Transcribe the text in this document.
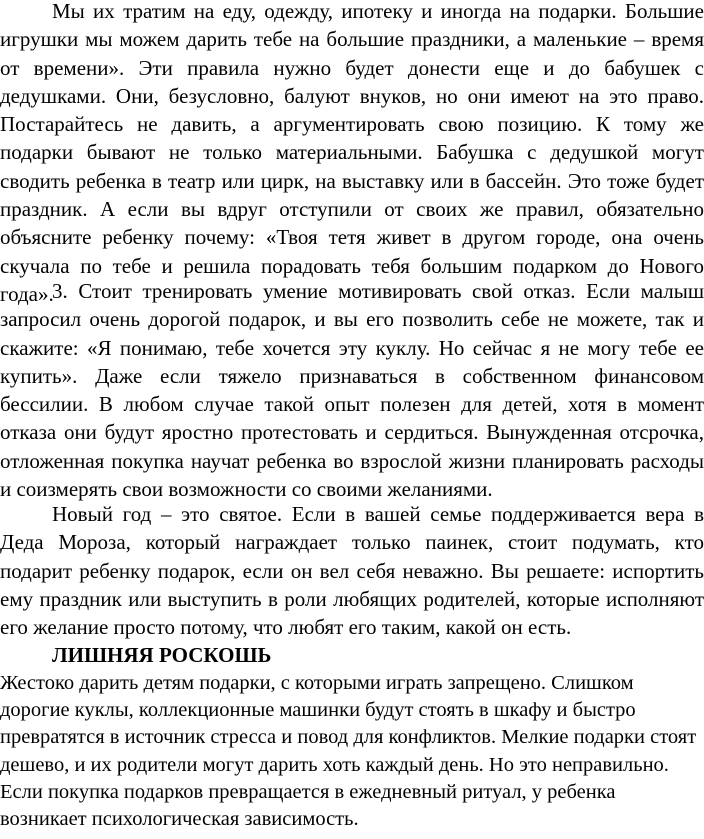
Мы их тратим на еду, одежду, ипотеку и иногда на подарки. Большие игрушки мы можем дарить тебе на большие праздники, а маленькие – время от времени». Эти правила нужно будет донести еще и до бабушек с дедушками. Они, безусловно, балуют внуков, но они имеют на это право. Постарайтесь не давить, а аргументировать свою позицию. К тому же подарки бывают не только материальными. Бабушка с дедушкой могут сводить ребенка в театр или цирк, на выставку или в бассейн. Это тоже будет праздник. А если вы вдруг отступили от своих же правил, обязательно объясните ребенку почему: «Твоя тетя живет в другом городе, она очень скучала по тебе и решила порадовать тебя большим подарком до Нового года».

3. Стоит тренировать умение мотивировать свой отказ. Если малыш запросил очень дорогой подарок, и вы его позволить себе не можете, так и скажите: «Я понимаю, тебе хочется эту куклу. Но сейчас я не могу тебе ее купить». Даже если тяжело признаваться в собственном финансовом бессилии. В любом случае такой опыт полезен для детей, хотя в момент отказа они будут яростно протестовать и сердиться. Вынужденная отсрочка, отложенная покупка научат ребенка во взрослой жизни планировать расходы и соизмерять свои возможности со своими желаниями.

Новый год – это святое. Если в вашей семье поддерживается вера в Деда Мороза, который награждает только паинек, стоит подумать, кто подарит ребенку подарок, если он вел себя неважно. Вы решаете: испортить ему праздник или выступить в роли любящих родителей, которые исполняют его желание просто потому, что любят его таким, какой он есть.

ЛИШНЯЯ РОСКОШЬ

Жестоко дарить детям подарки, с которыми играть запрещено. Слишком дорогие куклы, коллекционные машинки будут стоять в шкафу и быстро превратятся в источник стресса и повод для конфликтов. Мелкие подарки стоят дешево, и их родители могут дарить хоть каждый день. Но это неправильно. Если покупка подарков превращается в ежедневный ритуал, у ребенка возникает психологическая зависимость.
